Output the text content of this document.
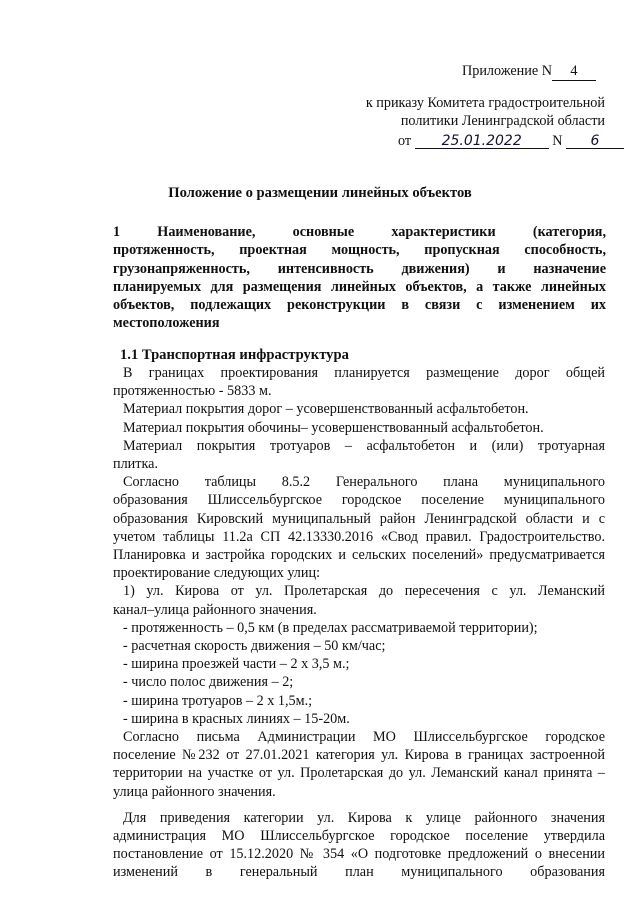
Приложение N 4
к приказу Комитета градостроительной
политики Ленинградской области
от 25.01.2022 N 6
Положение о размещении линейных объектов
1 Наименование, основные характеристики (категория,
протяженность, проектная мощность, пропускная способность,
грузонапряженность, интенсивность движения) и назначение
планируемых для размещения линейных объектов, а также линейных
объектов, подлежащих реконструкции в связи с изменением их
местоположения
1.1 Транспортная инфраструктура
В границах проектирования планируется размещение дорог общей
протяженностью - 5833 м.
Материал покрытия дорог – усовершенствованный асфальтобетон.
Материал покрытия обочины– усовершенствованный асфальтобетон.
Материал покрытия тротуаров – асфальтобетон и (или) тротуарная
плитка.
Согласно таблицы 8.5.2 Генерального плана муниципального
образования Шлиссельбургское городское поселение муниципального
образования Кировский муниципальный район Ленинградской области и с
учетом таблицы 11.2а СП 42.13330.2016 «Свод правил. Градостроительство.
Планировка и застройка городских и сельских поселений» предусматривается
проектирование следующих улиц:
1) ул. Кирова от ул. Пролетарская до пересечения с ул. Леманский
канал–улица районного значения.
- протяженность – 0,5 км (в пределах рассматриваемой территории);
- расчетная скорость движения – 50 км/час;
- ширина проезжей части – 2 х 3,5 м.;
- число полос движения – 2;
- ширина тротуаров – 2 х 1,5м.;
- ширина в красных линиях – 15-20м.
Согласно письма Администрации МО Шлиссельбургское городское
поселение №232 от 27.01.2021 категория ул. Кирова в границах застроенной
территории на участке от ул. Пролетарская до ул. Леманский канал принята –
улица районного значения.
Для приведения категории ул. Кирова к улице районного значения
администрация МО Шлиссельбургское городское поселение утвердила
постановление от 15.12.2020 № 354 «О подготовке предложений о внесении
изменений в генеральный план муниципального образования
